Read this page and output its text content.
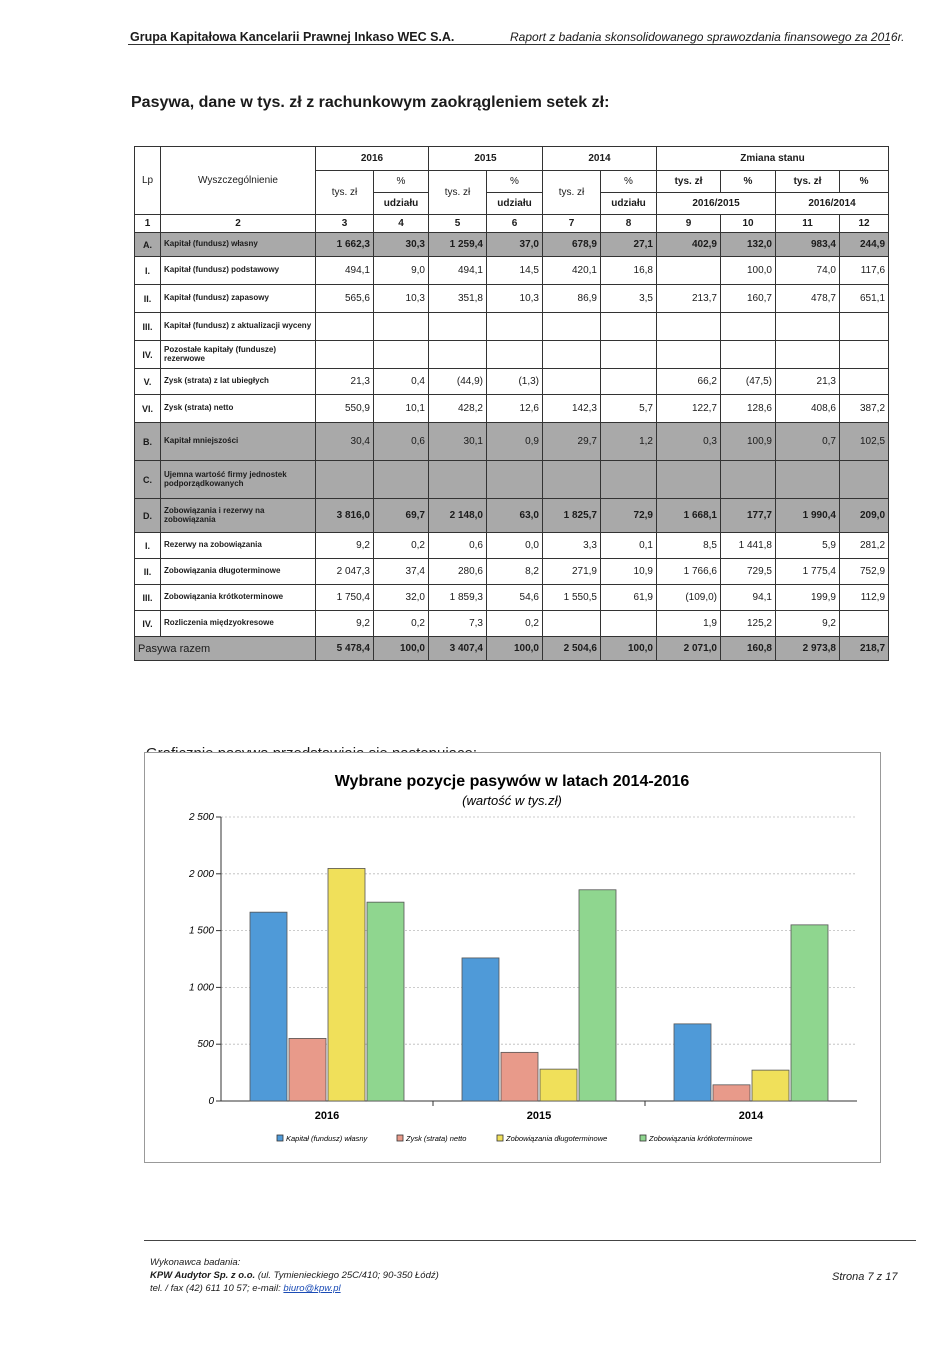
Grupa Kapitałowa Kancelarii Prawnej Inkaso WEC S.A.	Raport z badania skonsolidowanego sprawozdania finansowego za 2016r.
Pasywa, dane w tys. zł z rachunkowym zaokrągleniem setek zł:
Lp	Wyszczególnienie	2016		2015		2014		Zmiana stanu			
		tys. zł	%	tys. zł	%	tys. zł	%	tys. zł	%	tys. zł	%
			udziału		udziału		udziału	2016/2015		2016/2014	
1	2	3	4	5	6	7	8	9	10	11	12
A.	Kapitał (fundusz) własny	1 662,3	30,3	1 259,4	37,0	678,9	27,1	402,9	132,0	983,4	244,9
I.	Kapitał (fundusz) podstawowy	494,1	9,0	494,1	14,5	420,1	16,8		100,0	74,0	117,6
II.	Kapitał (fundusz) zapasowy	565,6	10,3	351,8	10,3	86,9	3,5	213,7	160,7	478,7	651,1
III.	Kapitał (fundusz) z aktualizacji wyceny										
IV.	Pozostałe kapitały (fundusze) rezerwowe										
V.	Zysk (strata) z lat ubiegłych	21,3	0,4	(44,9)	(1,3)			66,2	(47,5)	21,3	
VI.	Zysk (strata) netto	550,9	10,1	428,2	12,6	142,3	5,7	122,7	128,6	408,6	387,2
B.	Kapitał mniejszości	30,4	0,6	30,1	0,9	29,7	1,2	0,3	100,9	0,7	102,5
C.	Ujemna wartość firmy jednostek podporządkowanych										
D.	Zobowiązania i rezerwy na zobowiązania	3 816,0	69,7	2 148,0	63,0	1 825,7	72,9	1 668,1	177,7	1 990,4	209,0
I.	Rezerwy na zobowiązania	9,2	0,2	0,6	0,0	3,3	0,1	8,5	1 441,8	5,9	281,2
II.	Zobowiązania długoterminowe	2 047,3	37,4	280,6	8,2	271,9	10,9	1 766,6	729,5	1 775,4	752,9
III.	Zobowiązania krótkoterminowe	1 750,4	32,0	1 859,3	54,6	1 550,5	61,9	(109,0)	94,1	199,9	112,9
IV.	Rozliczenia międzyokresowe	9,2	0,2	7,3	0,2			1,9	125,2	9,2	
Pasywa razem		5 478,4	100,0	3 407,4	100,0	2 504,6	100,0	2 071,0	160,8	2 973,8	218,7
Wybrane pozycje pasywów w latach 2014-2016
(wartość w tys.zł)
0
500
1 000
1 500
2 000
2 500
2016	2015	2014
Kapitał (fundusz) własny	Zysk (strata) netto	Zobowiązania długoterminowe	Zobowiązania krótkoterminowe
Wykonawca badania:
KPW Audytor Sp. z o.o. (ul. Tymienieckiego 25C/410; 90-350 Łódź)
tel. / fax (42) 611 10 57; e-mail: biuro@kpw.pl
Strona 7 z 17
